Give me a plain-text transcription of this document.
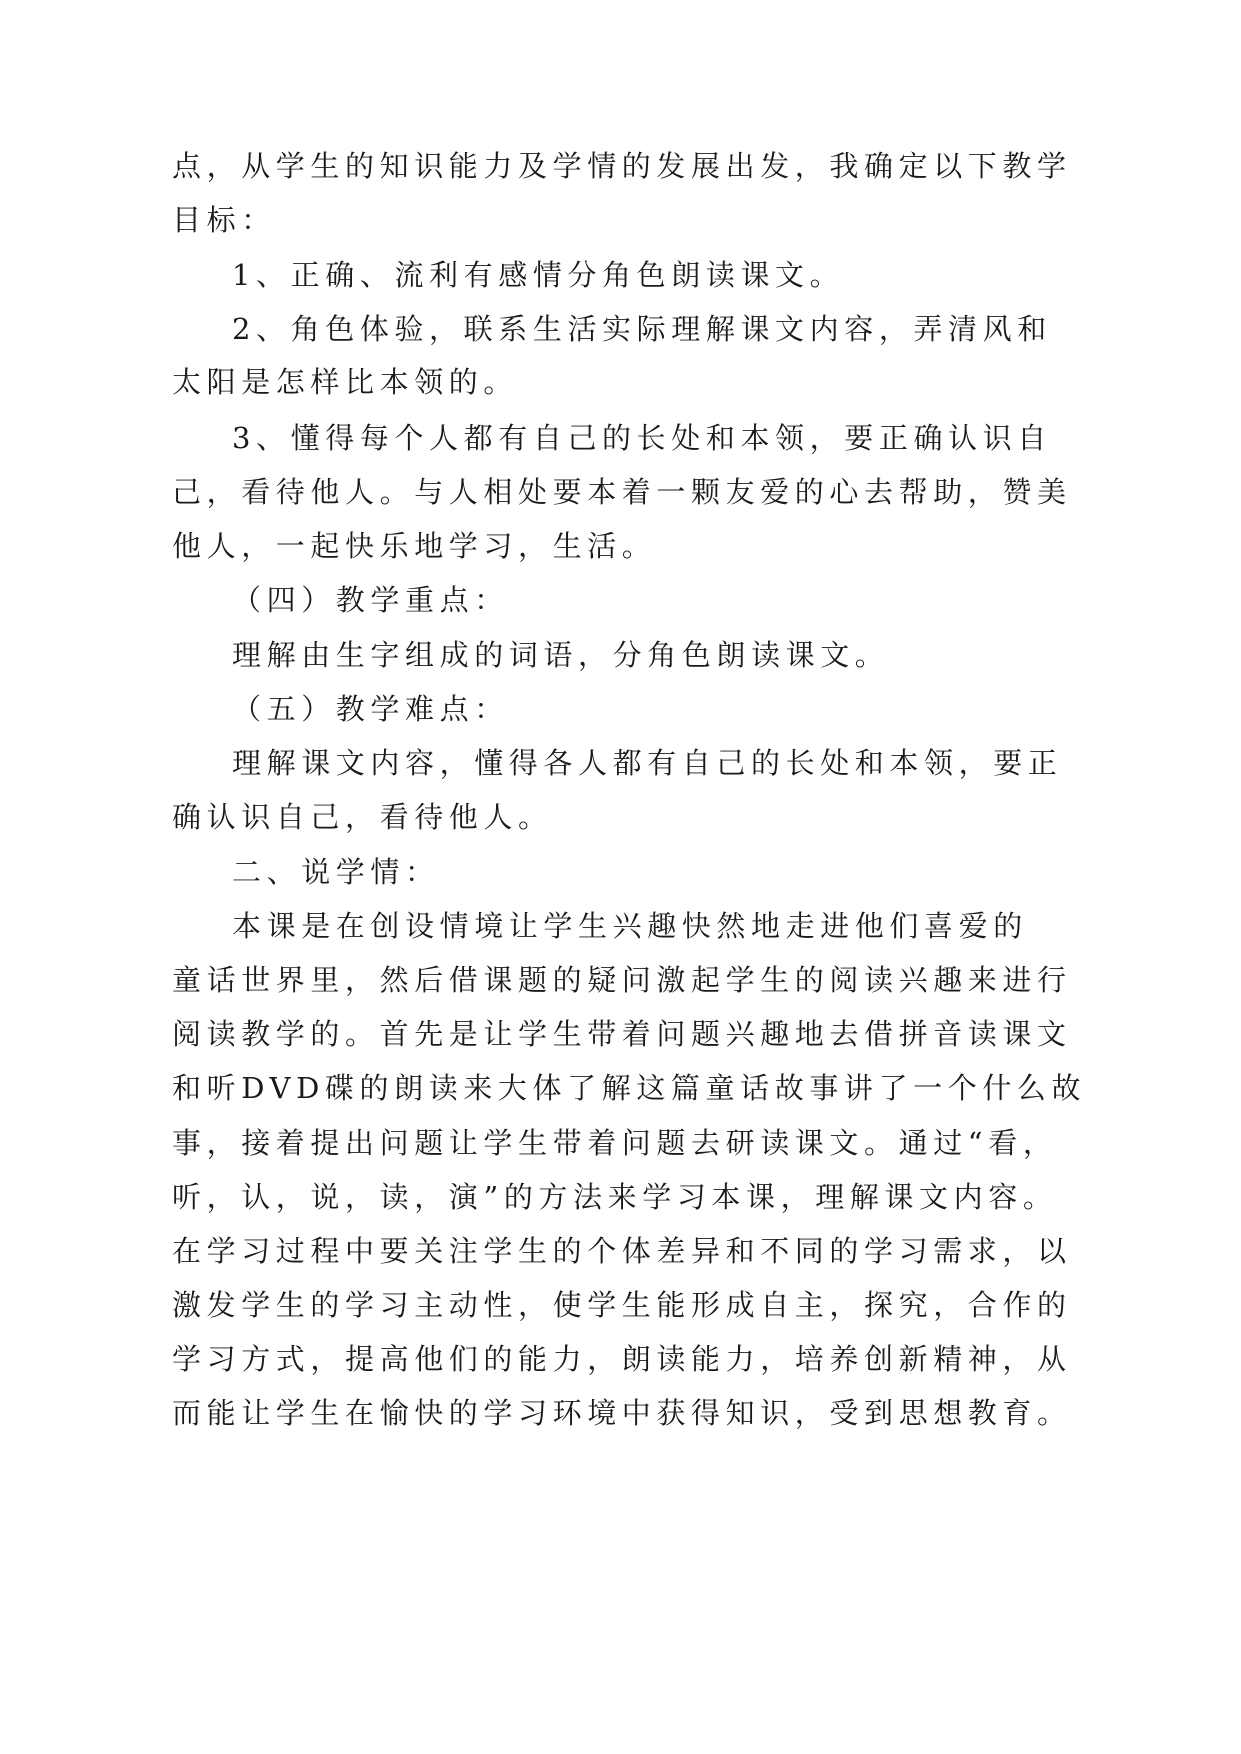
点，从学生的知识能力及学情的发展出发，我确定以下教学
目标：
1、正确、流利有感情分角色朗读课文。
2、角色体验，联系生活实际理解课文内容，弄清风和
太阳是怎样比本领的。
3、懂得每个人都有自己的长处和本领，要正确认识自
己，看待他人。与人相处要本着一颗友爱的心去帮助，赞美
他人，一起快乐地学习，生活。
（四）教学重点：
理解由生字组成的词语，分角色朗读课文。
（五）教学难点：
理解课文内容，懂得各人都有自己的长处和本领，要正
确认识自己，看待他人。
二、说学情：
本课是在创设情境让学生兴趣快然地走进他们喜爱的
童话世界里，然后借课题的疑问激起学生的阅读兴趣来进行
阅读教学的。首先是让学生带着问题兴趣地去借拼音读课文
和听DVD碟的朗读来大体了解这篇童话故事讲了一个什么故
事，接着提出问题让学生带着问题去研读课文。通过“看，
听，认，说，读，演”的方法来学习本课，理解课文内容。
在学习过程中要关注学生的个体差异和不同的学习需求，以
激发学生的学习主动性，使学生能形成自主，探究，合作的
学习方式，提高他们的能力，朗读能力，培养创新精神，从
而能让学生在愉快的学习环境中获得知识，受到思想教育。
